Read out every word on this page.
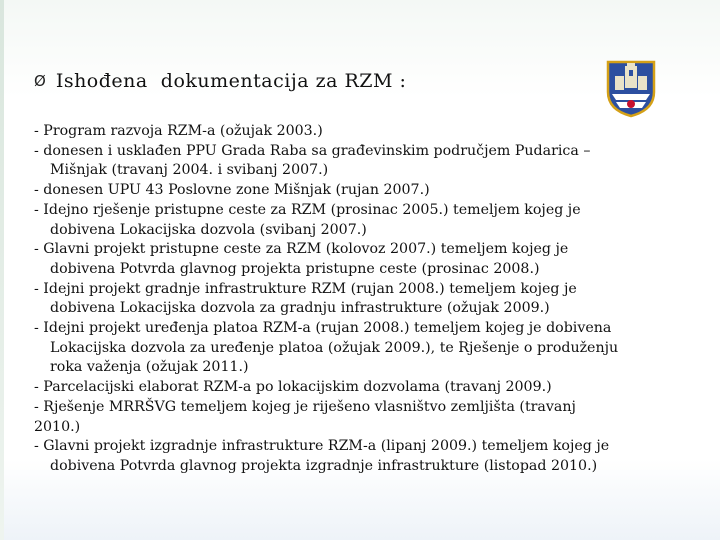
Ø Ishođena  dokumentacija za RZM :
- Program razvoja RZM-a (ožujak 2003.)
- donesen i usklađen PPU Grada Raba sa građevinskim područjem Pudarica –
Mišnjak (travanj 2004. i svibanj 2007.)
- donesen UPU 43 Poslovne zone Mišnjak (rujan 2007.)
- Idejno rješenje pristupne ceste za RZM (prosinac 2005.) temeljem kojeg je
dobivena Lokacijska dozvola (svibanj 2007.)
- Glavni projekt pristupne ceste za RZM (kolovoz 2007.) temeljem kojeg je
dobivena Potvrda glavnog projekta pristupne ceste (prosinac 2008.)
- Idejni projekt gradnje infrastrukture RZM (rujan 2008.) temeljem kojeg je
dobivena Lokacijska dozvola za gradnju infrastrukture (ožujak 2009.)
- Idejni projekt uređenja platoa RZM-a (rujan 2008.) temeljem kojeg je dobivena
Lokacijska dozvola za uređenje platoa (ožujak 2009.), te Rješenje o produženju
roka važenja (ožujak 2011.)
- Parcelacijski elaborat RZM-a po lokacijskim dozvolama (travanj 2009.)
- Rješenje MRRŠVG temeljem kojeg je riješeno vlasništvo zemljišta (travanj
2010.)
- Glavni projekt izgradnje infrastrukture RZM-a (lipanj 2009.) temeljem kojeg je
dobivena Potvrda glavnog projekta izgradnje infrastrukture (listopad 2010.)
